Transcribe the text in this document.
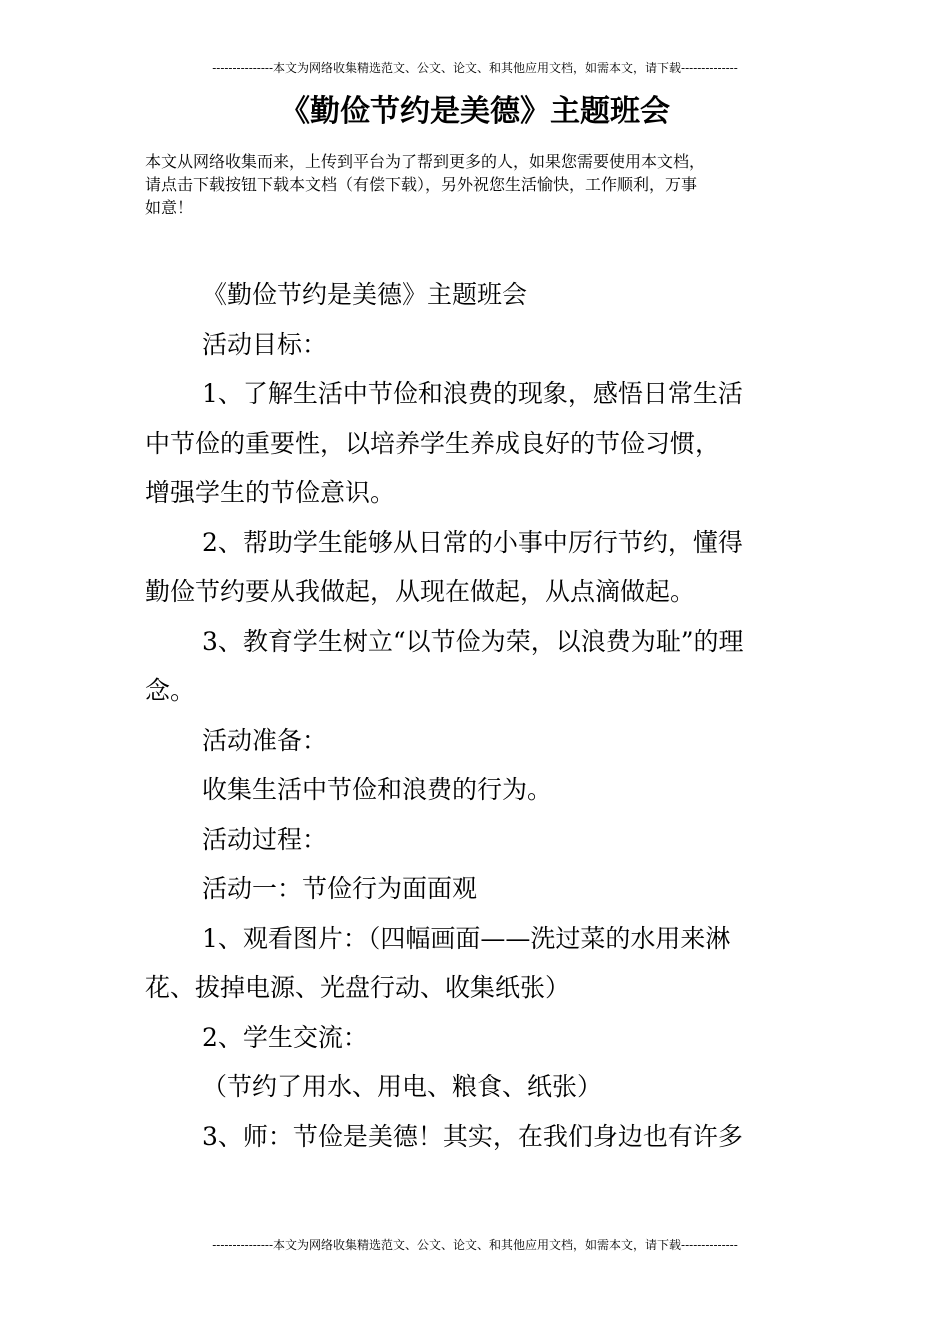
---------------本文为网络收集精选范文、公文、论文、和其他应用文档，如需本文，请下载--------------
《勤俭节约是美德》主题班会

本文从网络收集而来，上传到平台为了帮到更多的人，如果您需要使用本文档，

请点击下载按钮下载本文档（有偿下载），另外祝您生活愉快，工作顺利，万事

如意！

《勤俭节约是美德》主题班会

活动目标：

1、了解生活中节俭和浪费的现象，感悟日常生活

中节俭的重要性，以培养学生养成良好的节俭习惯，

增强学生的节俭意识。

2、帮助学生能够从日常的小事中厉行节约，懂得

勤俭节约要从我做起，从现在做起，从点滴做起。

3、教育学生树立“以节俭为荣，以浪费为耻”的理

念。

活动准备：

收集生活中节俭和浪费的行为。

活动过程：

活动一：节俭行为面面观

1、观看图片：（四幅画面——洗过菜的水用来淋

花、拔掉电源、光盘行动、收集纸张）

2、学生交流：

（节约了用水、用电、粮食、纸张）

3、师：节俭是美德！其实，在我们身边也有许多

---------------本文为网络收集精选范文、公文、论文、和其他应用文档，如需本文，请下载--------------
